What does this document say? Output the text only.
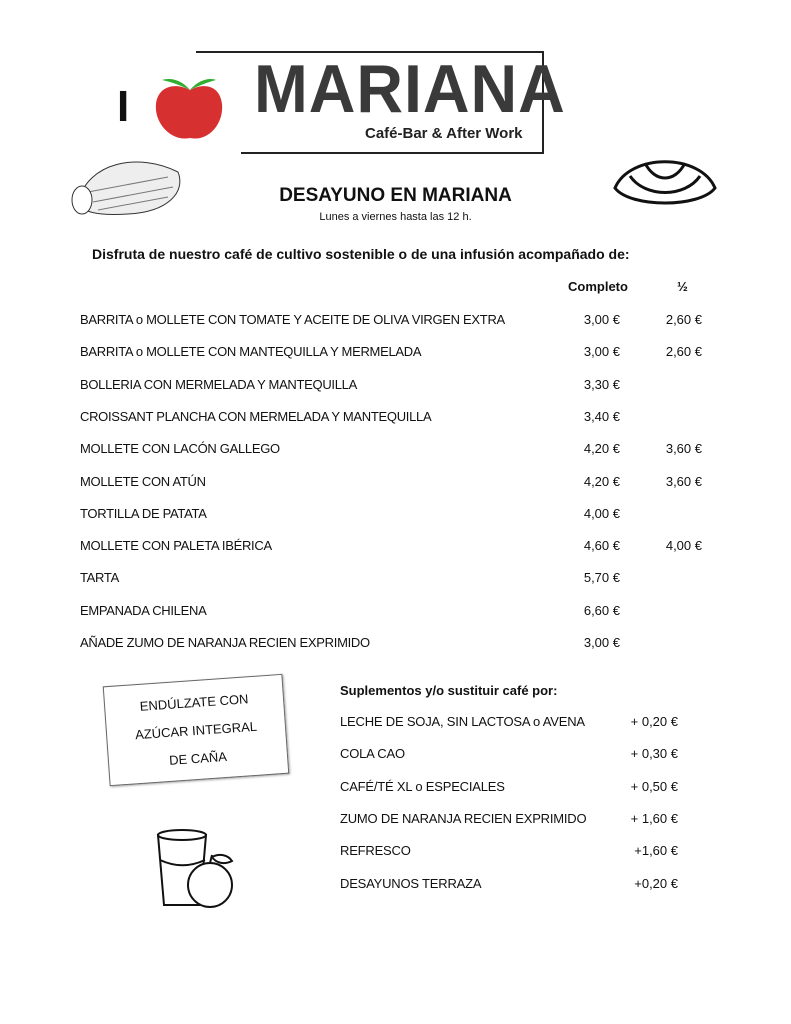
I MARIANA
Café-Bar & After Work
DESAYUNO EN MARIANA
Lunes a viernes hasta las 12 h.
Disfruta de nuestro café de cultivo sostenible o de una infusión acompañado de:
Completo	½
BARRITA o MOLLETE CON TOMATE Y ACEITE DE OLIVA VIRGEN EXTRA	3,00 €	2,60 €
BARRITA o MOLLETE CON MANTEQUILLA Y MERMELADA	3,00 €	2,60 €
BOLLERIA CON MERMELADA Y MANTEQUILLA	3,30 €
CROISSANT PLANCHA CON MERMELADA Y MANTEQUILLA	3,40 €
MOLLETE CON LACÓN GALLEGO	4,20 €	3,60 €
MOLLETE CON ATÚN	4,20 €	3,60 €
TORTILLA DE PATATA	4,00 €
MOLLETE CON PALETA IBÉRICA	4,60 €	4,00 €
TARTA	5,70 €
EMPANADA CHILENA	6,60 €
AÑADE ZUMO DE NARANJA RECIEN EXPRIMIDO	3,00 €
Suplementos y/o sustituir café por:
LECHE DE SOJA, SIN LACTOSA o AVENA	+ 0,20 €
COLA CAO	+ 0,30 €
CAFÉ/TÉ XL o ESPECIALES	+ 0,50 €
ZUMO DE NARANJA RECIEN EXPRIMIDO	+ 1,60 €
REFRESCO	+1,60 €
DESAYUNOS TERRAZA	+0,20 €
ENDÚLZATE CON
AZÚCAR INTEGRAL
DE CAÑA
